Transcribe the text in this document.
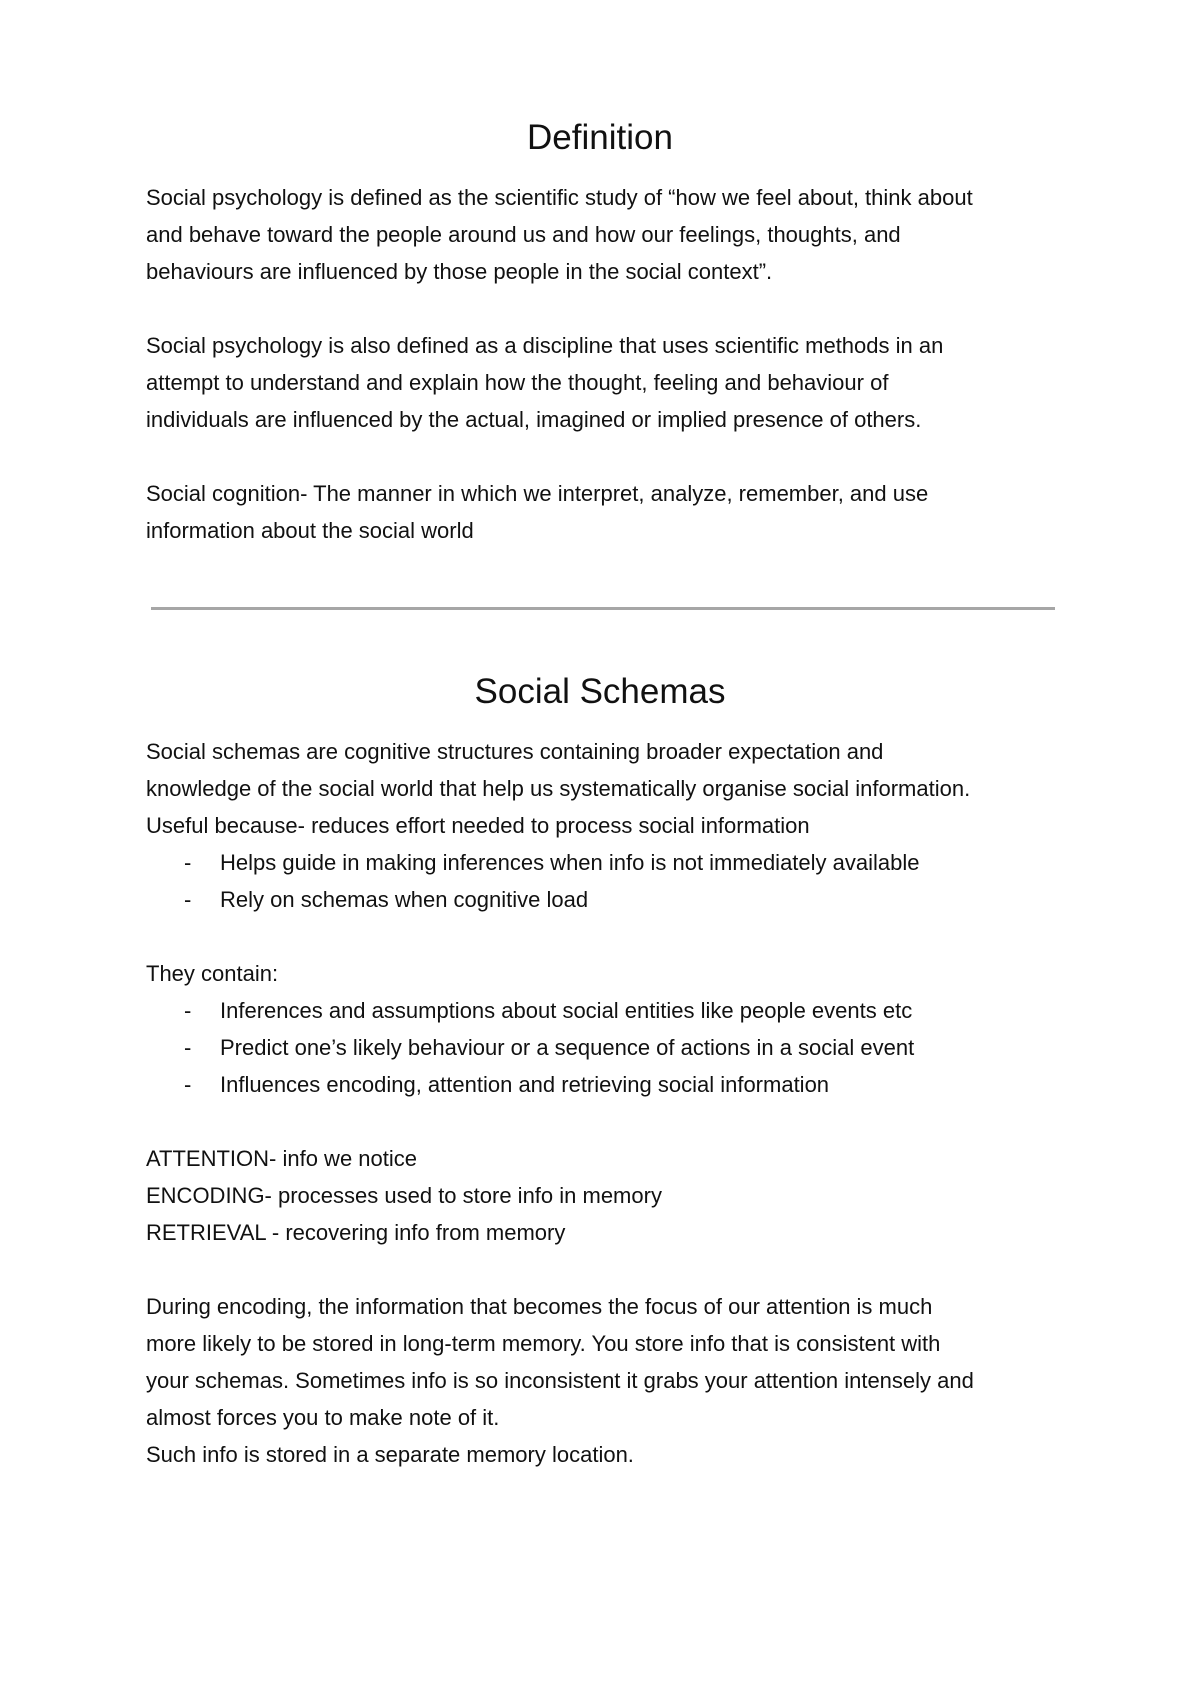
Definition
Social psychology is defined as the scientific study of “how we feel about, think about
and behave toward the people around us and how our feelings, thoughts, and
behaviours are influenced by those people in the social context”.
Social psychology is also defined as a discipline that uses scientific methods in an
attempt to understand and explain how the thought, feeling and behaviour of
individuals are influenced by the actual, imagined or implied presence of others.
Social cognition- The manner in which we interpret, analyze, remember, and use
information about the social world
Social Schemas
Social schemas are cognitive structures containing broader expectation and
knowledge of the social world that help us systematically organise social information.
Useful because- reduces effort needed to process social information
- Helps guide in making inferences when info is not immediately available
- Rely on schemas when cognitive load
They contain:
- Inferences and assumptions about social entities like people events etc
- Predict one’s likely behaviour or a sequence of actions in a social event
- Influences encoding, attention and retrieving social information
ATTENTION- info we notice
ENCODING- processes used to store info in memory
RETRIEVAL - recovering info from memory
During encoding, the information that becomes the focus of our attention is much
more likely to be stored in long-term memory. You store info that is consistent with
your schemas. Sometimes info is so inconsistent it grabs your attention intensely and
almost forces you to make note of it.
Such info is stored in a separate memory location.
